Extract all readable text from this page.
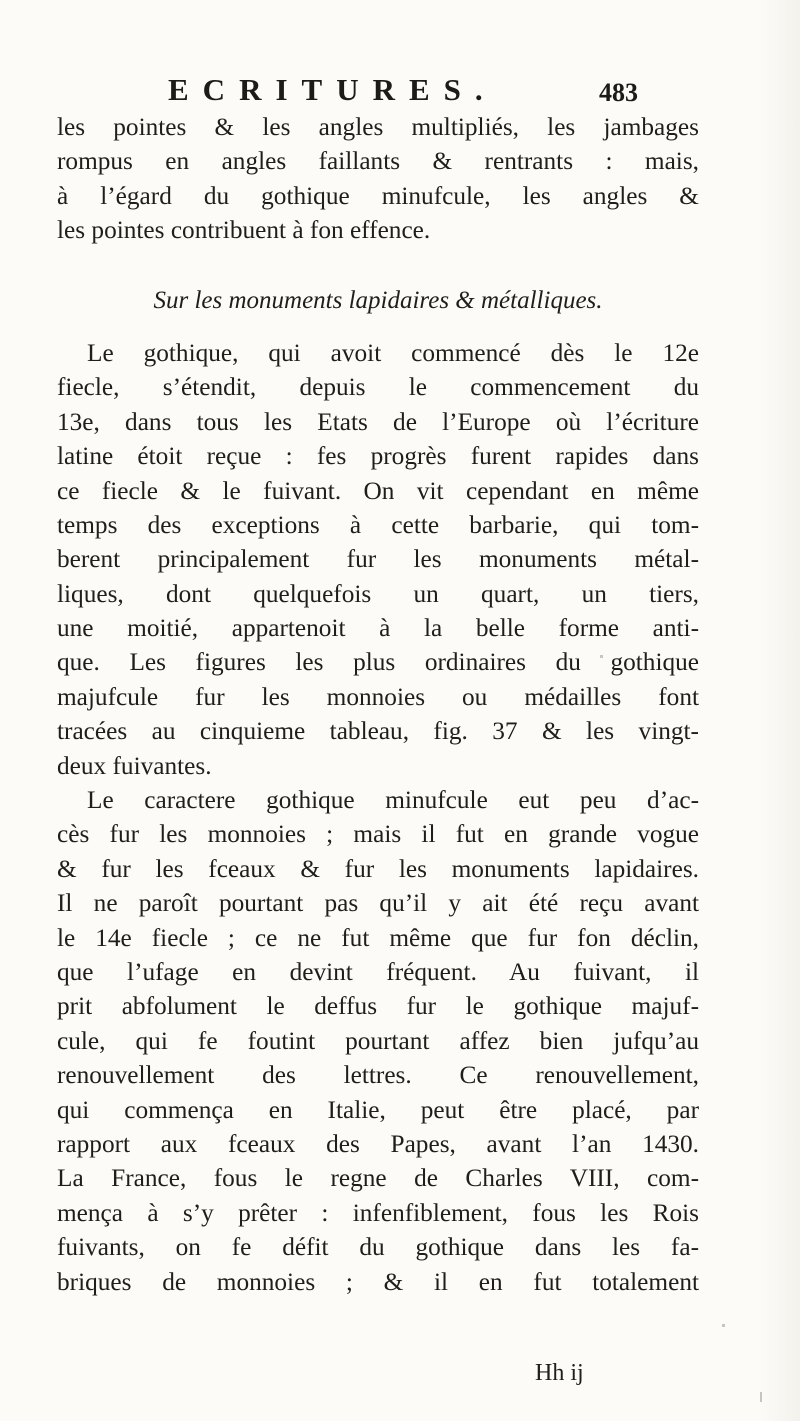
ECRITURES.	483
les pointes & les angles multipliés, les jambages
rompus en angles faillants & rentrants : mais,
à l’égard du gothique minufcule, les angles &
les pointes contribuent à fon effence.
Sur les monuments lapidaires & métalliques.
Le gothique, qui avoit commencé dès le 12e
fiecle, s’étendit, depuis le commencement du
13e, dans tous les Etats de l’Europe où l’écriture
latine étoit reçue : fes progrès furent rapides dans
ce fiecle & le fuivant. On vit cependant en même
temps des exceptions à cette barbarie, qui tom-
berent principalement fur les monuments métal-
liques, dont quelquefois un quart, un tiers,
une moitié, appartenoit à la belle forme anti-
que. Les figures les plus ordinaires du gothique
majufcule fur les monnoies ou médailles font
tracées au cinquieme tableau, fig. 37 & les vingt-
deux fuivantes.
Le caractere gothique minufcule eut peu d’ac-
cès fur les monnoies ; mais il fut en grande vogue
& fur les fceaux & fur les monuments lapidaires.
Il ne paroît pourtant pas qu’il y ait été reçu avant
le 14e fiecle ; ce ne fut même que fur fon déclin,
que l’ufage en devint fréquent. Au fuivant, il
prit abfolument le deffus fur le gothique majuf-
cule, qui fe foutint pourtant affez bien jufqu’au
renouvellement des lettres. Ce renouvellement,
qui commença en Italie, peut être placé, par
rapport aux fceaux des Papes, avant l’an 1430.
La France, fous le regne de Charles VIII, com-
mença à s’y prêter : infenfiblement, fous les Rois
fuivants, on fe défit du gothique dans les fa-
briques de monnoies ; & il en fut totalement
Hh ij
